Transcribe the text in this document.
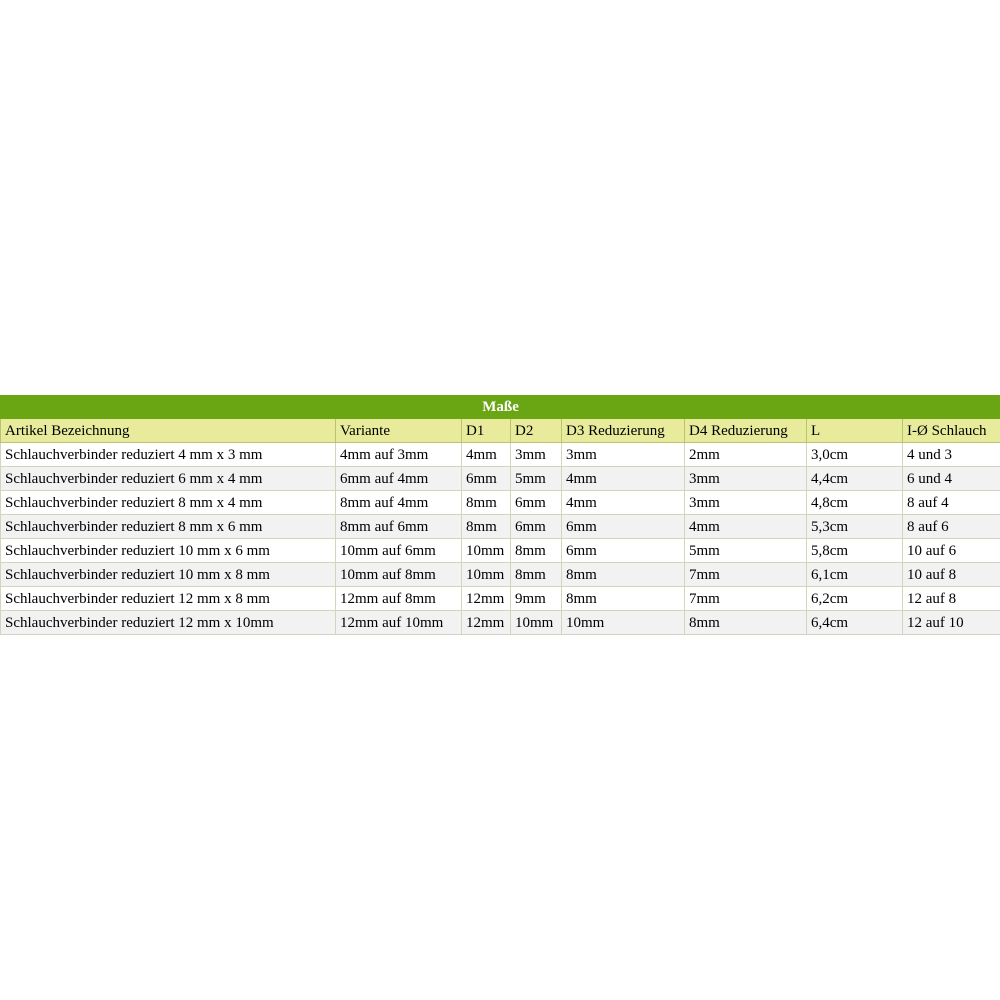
Maße							
Artikel Bezeichnung	Variante	D1	D2	D3 Reduzierung	D4 Reduzierung	L	I-Ø Schlauch
Schlauchverbinder reduziert 4 mm x 3 mm	4mm auf 3mm	4mm	3mm	3mm	2mm	3,0cm	4 und 3
Schlauchverbinder reduziert 6 mm x 4 mm	6mm auf 4mm	6mm	5mm	4mm	3mm	4,4cm	6 und 4
Schlauchverbinder reduziert 8 mm x 4 mm	8mm auf 4mm	8mm	6mm	4mm	3mm	4,8cm	8 auf 4
Schlauchverbinder reduziert 8 mm x 6 mm	8mm auf 6mm	8mm	6mm	6mm	4mm	5,3cm	8 auf 6
Schlauchverbinder reduziert 10 mm x 6 mm	10mm auf 6mm	10mm	8mm	6mm	5mm	5,8cm	10 auf 6
Schlauchverbinder reduziert 10 mm x 8 mm	10mm auf 8mm	10mm	8mm	8mm	7mm	6,1cm	10 auf 8
Schlauchverbinder reduziert 12 mm x 8 mm	12mm auf 8mm	12mm	9mm	8mm	7mm	6,2cm	12 auf 8
Schlauchverbinder reduziert 12 mm x 10mm	12mm auf 10mm	12mm	10mm	10mm	8mm	6,4cm	12 auf 10
